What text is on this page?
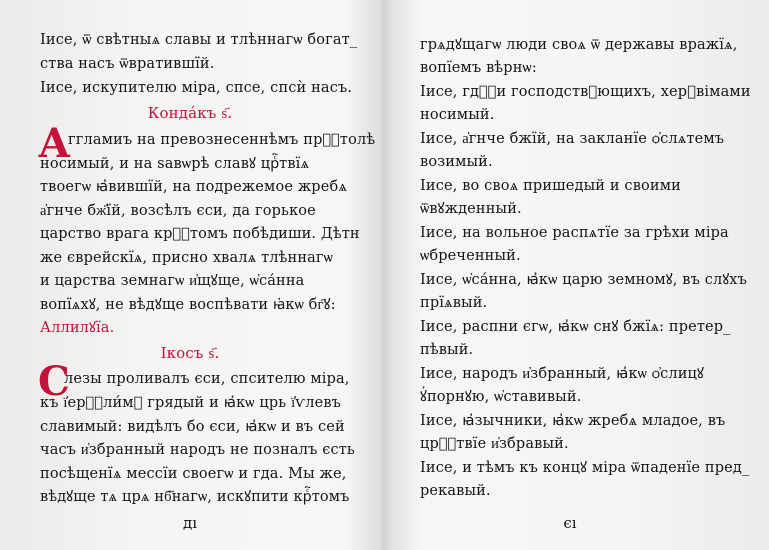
Іисе, ѿ свѣтныѧ славы и тлѣннагѡ богат_
ства насъ ѿвратившїй.
Іисе, искупителю міра, спсе, спсѝ насъ.
Кондáкъ ѕ҃.
А
ггламиъ на превознесеннѣмъ прⷭ҇толѣ
носимый, и на ѕавѡрѣ славꙋ црⷭ҇твїѧ
твоегѡ ꙗ҆вившїй, на подрежемое жребѧ
а҆гнче бж҃їй, возсѣлъ єси, да горькое
царство врага крⷭ҇томъ побѣдиши. Дѣтн
же єврейскїѧ, присно хвалѧ тлѣннагѡ
и царства земнагѡ и҆щꙋще, ѡ҆са́нна
вопїѧхꙋ, не вѣдꙋще воспѣвати ꙗ҆кѡ бг҃ꙋ:
Аллилꙋїа.
Ікосъ ѕ҃.
С
лезы проливалъ єси, спсителю міра,
къ ї҆ерⷭ҇ли́мꙋ грядый и ꙗ҆кѡ црь ї҆ѵлевъ
славимый: видѣлъ бо єси, ꙗ҆кѡ и въ сей
часъ и҆збранный народъ не позналъ єсть
посѣщенїѧ мессїи своегѡ и гда. Мы же,
вѣдꙋще тѧ црѧ нб҃нагѡ, искꙋпити крⷭ҇томъ
дı
грѧдꙋщагѡ люди своѧ ѿ державы вражїѧ,
вопїемъ вѣрнѡ:
Іисе, гдⷭ҇и господствꙋющихъ, херꙋвімами
носимый.
Іисе, а҆гнче бжїй, на закланїе ѻ҆слѧтемъ
возимый.
Іисе, во своѧ пришедый и своими
ѿвꙋжденный.
Іисе, на вольное распѧтїе за грѣхи міра
ѡбреченный.
Іисе, ѡ҆са́нна, ꙗ҆кѡ царю земномꙋ, въ слꙋхъ
прїѧвый.
Іисе, распни єгѡ, ꙗ҆кѡ снꙋ бжїѧ: претер_
пѣвый.
Іисе, народъ и҆збранный, ꙗ҆кѡ ѻ҆слицꙋ
ꙋ҆порнꙋю, ѡ҆ставивый.
Іисе, ꙗ҆зычники, ꙗ҆кѡ жребѧ младое, въ
црⷭ҇твїе и҆збравый.
Іисе, и тѣмъ къ концꙋ міра ѿпаденїе пред_
рекавый.
єı
